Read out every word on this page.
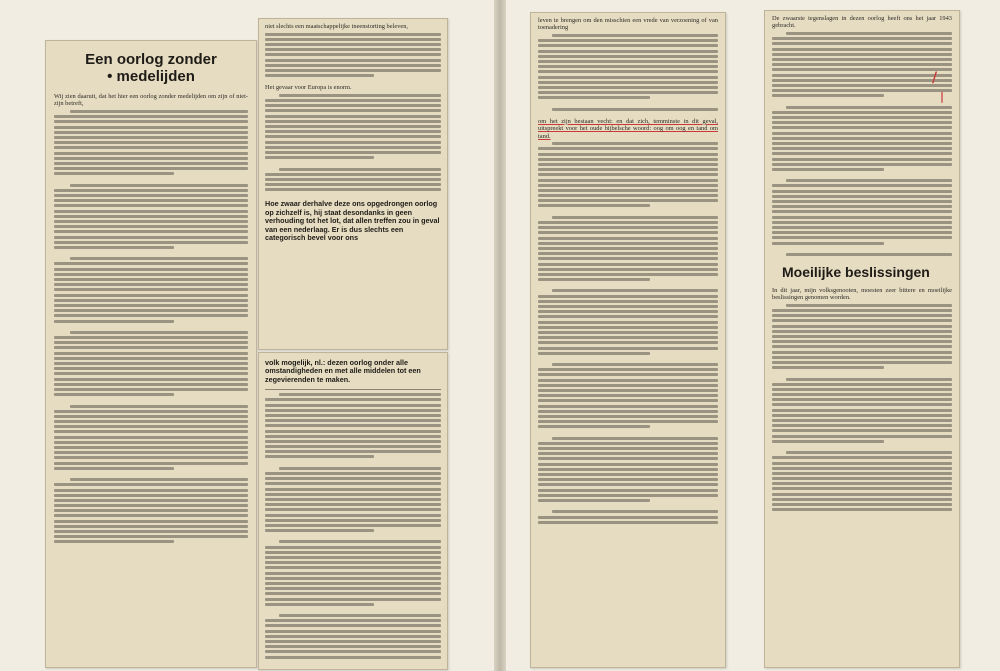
Een oorlog zonder
• medelijden
Wij zien daaruit, dat het hier een oorlog zonder medelijden om zijn of niet-zijn betreft,
niet slechts een maatschappelijke ineenstorting beleven,
Het gevaar voor Europa is enorm.
Hoe zwaar derhalve deze ons opgedrongen oorlog op zichzelf is, hij staat desondanks in geen verhouding tot het lot, dat allen treffen zou in geval van een nederlaag. Er is dus slechts een categorisch bevel voor ons
volk mogelijk, nl.: dezen oorlog onder alle omstandigheden en met alle middelen tot een zegevierenden te maken.
leven te brengen om den misschien een vrede van verzoening of van toenadering
om het zijn bestaan vecht: en dat zich, temminste in dit geval, uitspreekt voor het oude bijbelsche woord: oog om oog en tand om tand.
De zwaarste tegenslagen in dezen oorlog heeft ons het jaar 1943 gebracht.
Moeilijke beslissingen
In dit jaar, mijn volksgenooten, moesten zeer bittere en moeilijke beslissingen genomen worden.
/
|
